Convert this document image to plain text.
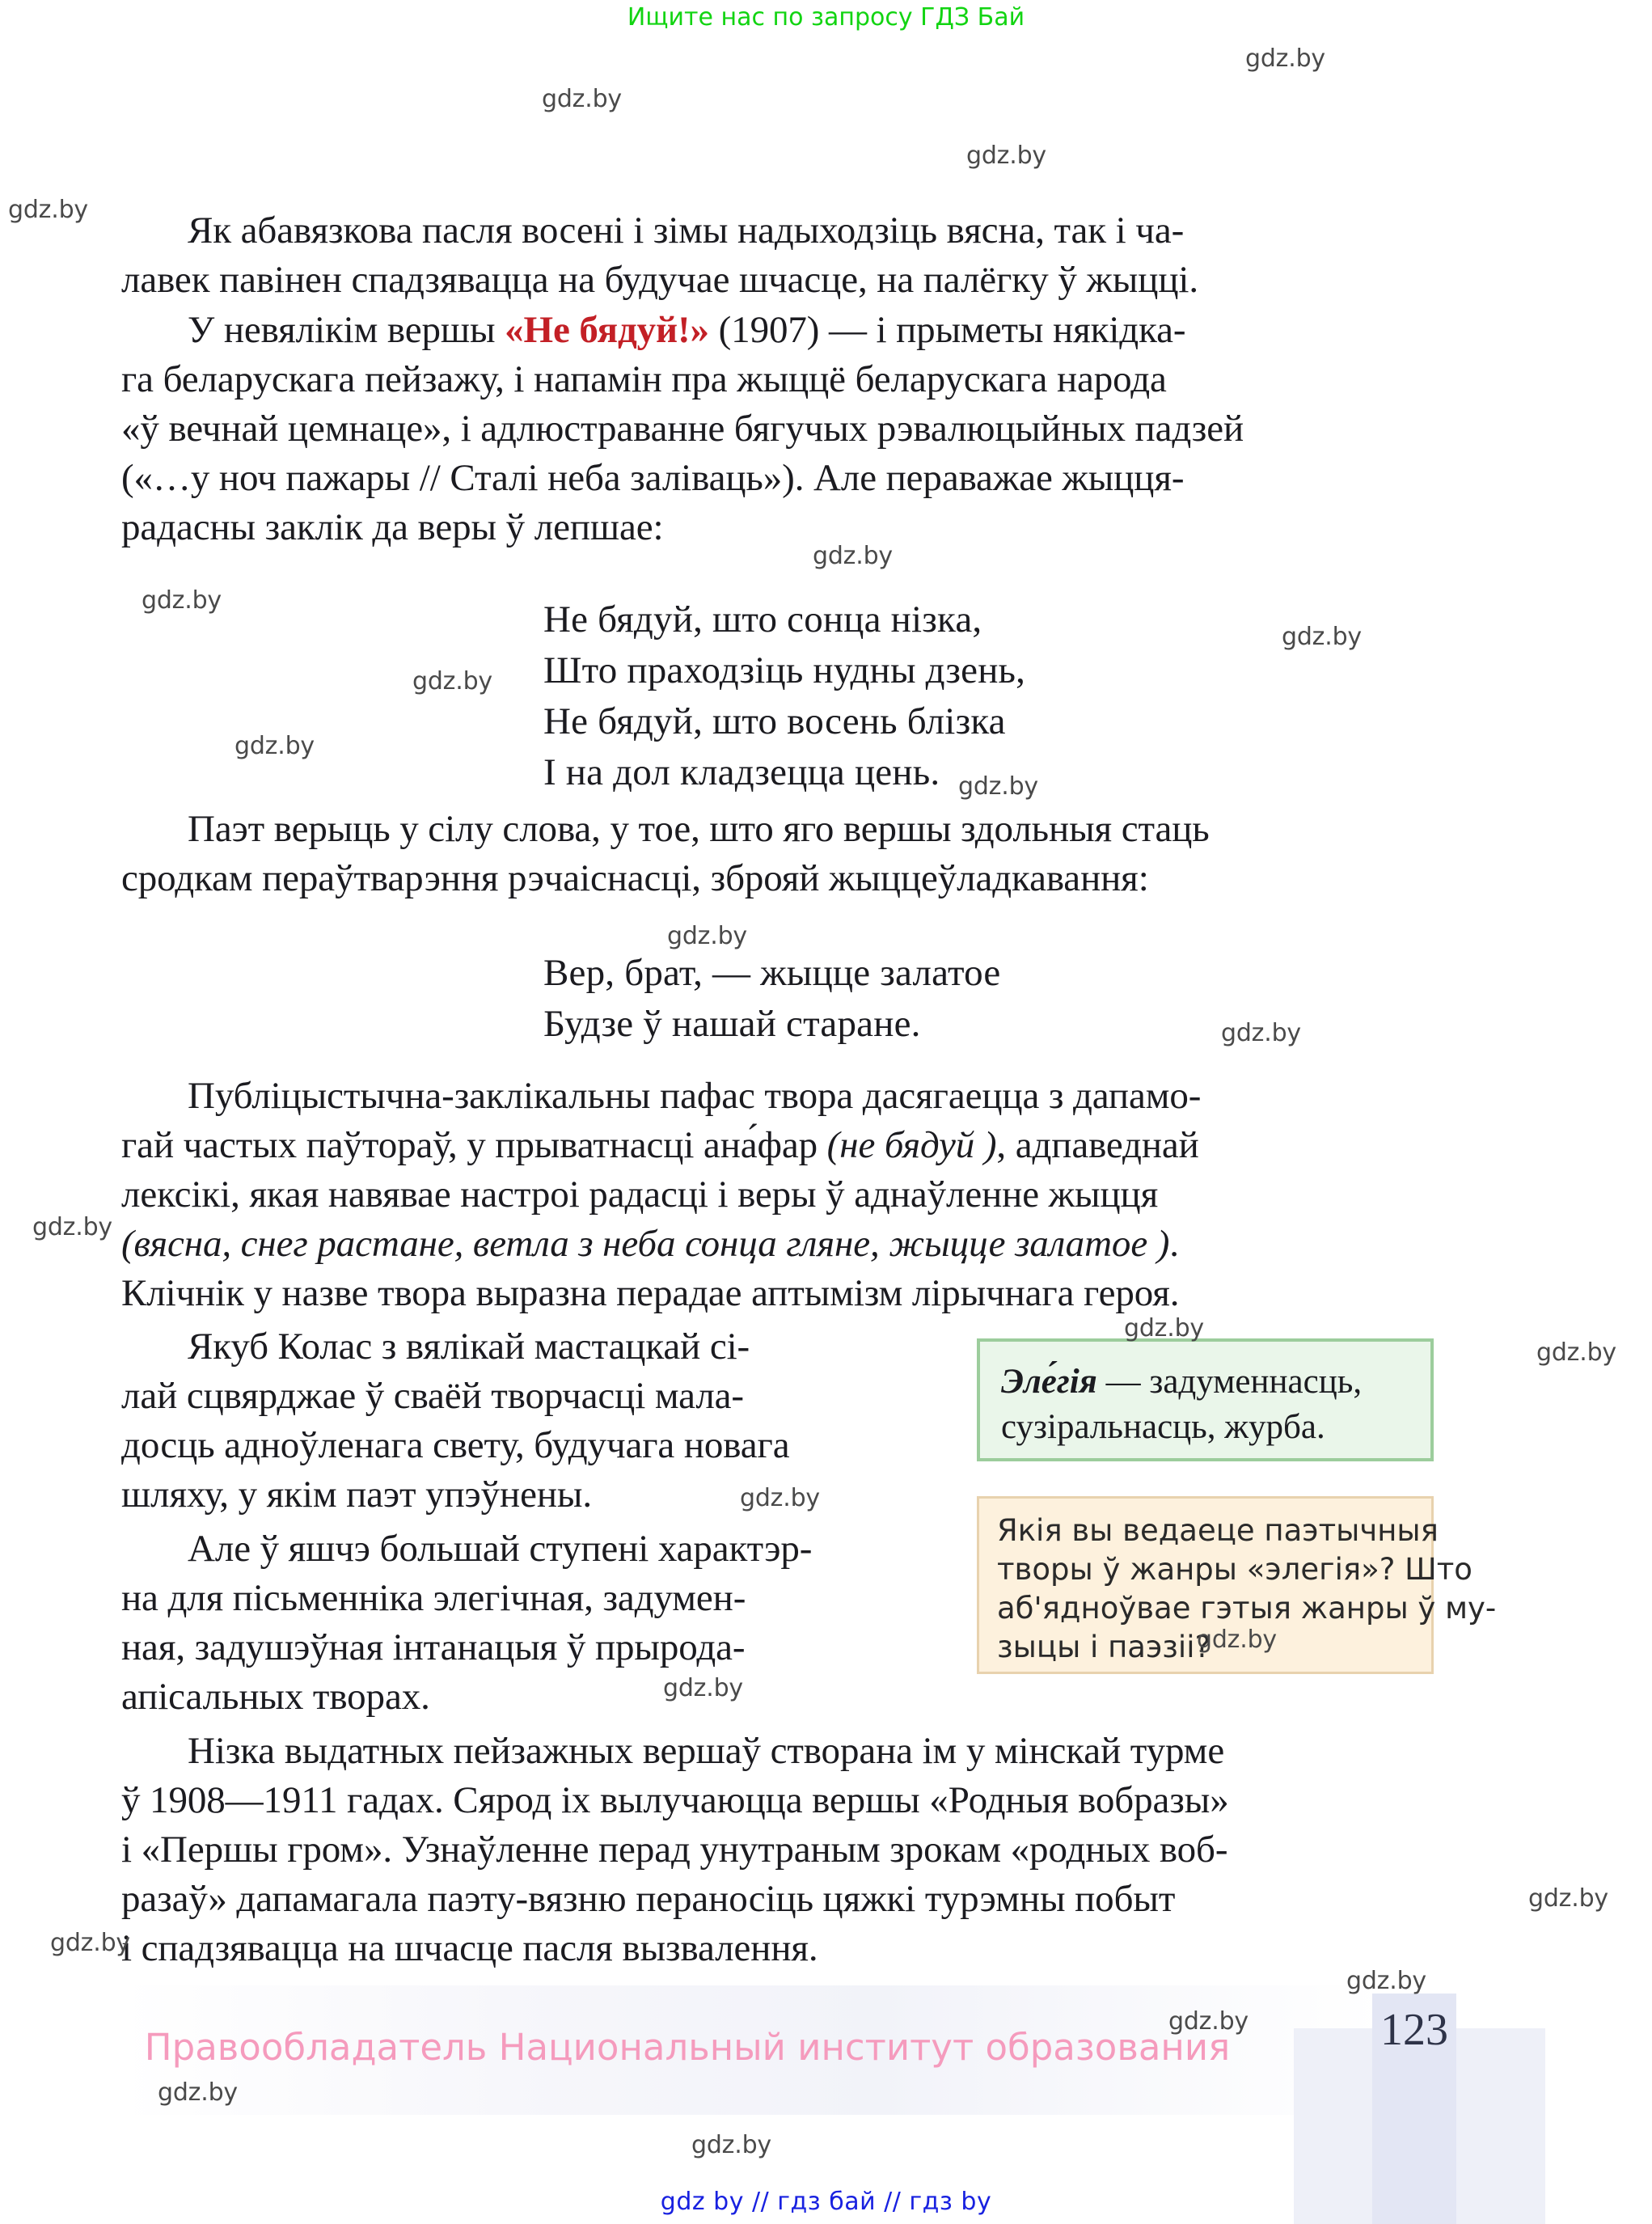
Ищите нас по запросу ГДЗ Бай
gdz.by
gdz.by
gdz.by
gdz.by
gdz.by
gdz.by
gdz.by
gdz.by
gdz.by
gdz.by
gdz.by
gdz.by
gdz.by
gdz.by
gdz.by
gdz.by
gdz.by
gdz.by
gdz.by
gdz.by
gdz.by
gdz.by
gdz.by
gdz.by

Як абавязкова пасля восені і зімы надыходзіць вясна, так і ча-

лавек павінен спадзявацца на будучае шчасце, на палёгку ў жыцці.

У невялікім вершы «Не бядуй!» (1907) — і прыметы някідка-

га беларускага пейзажу, і напамін пра жыццё беларускага народа

«ў вечнай цемнаце», і адлюстраванне бягучых рэвалюцыйных падзей

(«…у ноч пажары // Сталі неба заліваць»). Але пераважае жыцця-

радасны заклік да веры ў лепшае:

Не бядуй, што сонца нізка,
Што праходзіць нудны дзень,
Не бядуй, што восень блізка
І на дол кладзецца цень.

Паэт верыць у сілу слова, у тое, што яго вершы здольныя стаць

сродкам пераўтварэння рэчаіснасці, зброяй жыццеўладкавання:

Вер, брат, — жыцце залатое
Будзе ў нашай старане.

Публіцыстычна-заклікальны пафас твора дасягаецца з дапамо-

гай частых паўтораў, у прыватнасці ана́фар (не бядуй ), адпаведнай

лексікі, якая навявае настроі радасці і веры ў аднаўленне жыцця

(вясна, снег растане, ветла з неба сонца гляне, жыцце залатое ).

Клічнік у назве твора выразна перадае аптымізм лірычнага героя.

Якуб Колас з вялікай мастацкай сі-

лай сцвярджае ў сваёй творчасці мала-

досць адноўленага свету, будучага новага

шляху, у якім паэт упэўнены.

Але ў яшчэ большай ступені характэр-

на для пісьменніка элегічная, задумен-

ная, задушэўная інтанацыя ў прырода-

апісальных творах.

Нізка выдатных пейзажных вершаў створана ім у мінскай турме

ў 1908—1911 гадах. Сярод іх вылучаюцца вершы «Родныя вобразы»

і «Першы гром». Узнаўленне перад унутраным зрокам «родных воб-

разаў» дапамагала паэту-вязню пераносіць цяжкі турэмны побыт

і спадзявацца на шчасце пасля вызвалення.

Эле́гія — задуменнасць,
сузіральнасць, журба.
Якія вы ведаеце паэтычныя
творы ў жанры «элегія»? Што
аб'ядноўвае гэтыя жанры ў му-
зыцы і паэзіі?
123
Правообладатель Национальный институт образования
gdz by // гдз бай // гдз by
